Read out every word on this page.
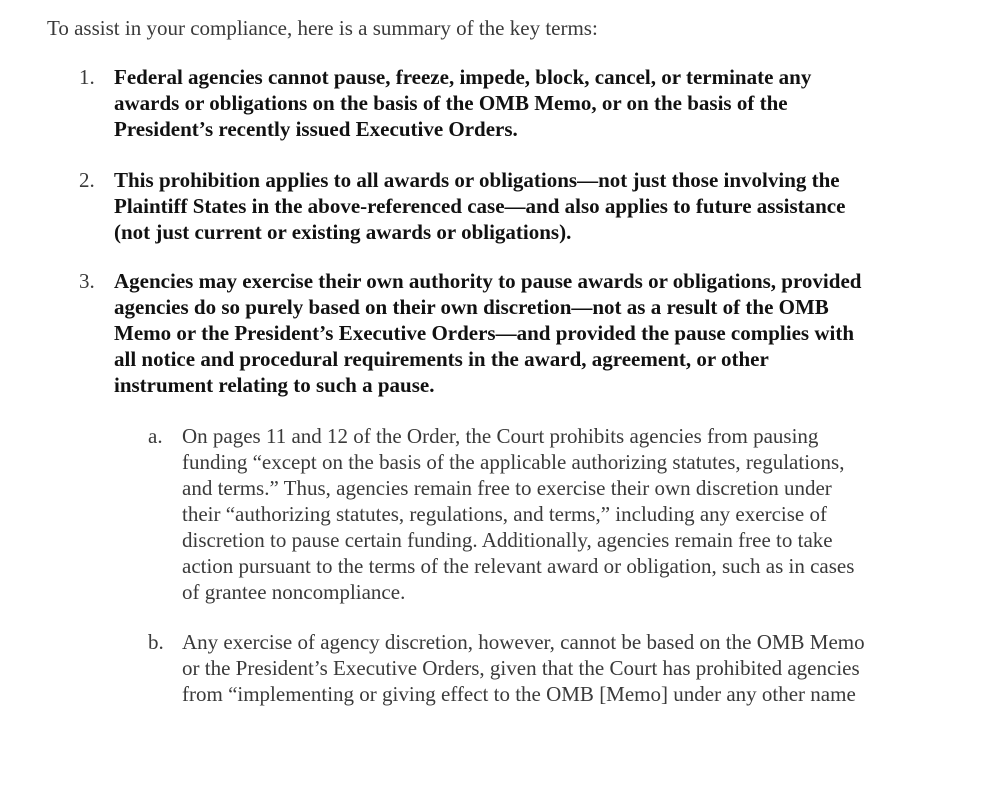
To assist in your compliance, here is a summary of the key terms:
1. Federal agencies cannot pause, freeze, impede, block, cancel, or terminate any
awards or obligations on the basis of the OMB Memo, or on the basis of the
President’s recently issued Executive Orders.
2. This prohibition applies to all awards or obligations—not just those involving the
Plaintiff States in the above-referenced case—and also applies to future assistance
(not just current or existing awards or obligations).
3. Agencies may exercise their own authority to pause awards or obligations, provided
agencies do so purely based on their own discretion—not as a result of the OMB
Memo or the President’s Executive Orders—and provided the pause complies with
all notice and procedural requirements in the award, agreement, or other
instrument relating to such a pause.
a. On pages 11 and 12 of the Order, the Court prohibits agencies from pausing
funding “except on the basis of the applicable authorizing statutes, regulations,
and terms.” Thus, agencies remain free to exercise their own discretion under
their “authorizing statutes, regulations, and terms,” including any exercise of
discretion to pause certain funding. Additionally, agencies remain free to take
action pursuant to the terms of the relevant award or obligation, such as in cases
of grantee noncompliance.
b. Any exercise of agency discretion, however, cannot be based on the OMB Memo
or the President’s Executive Orders, given that the Court has prohibited agencies
from “implementing or giving effect to the OMB [Memo] under any other name
